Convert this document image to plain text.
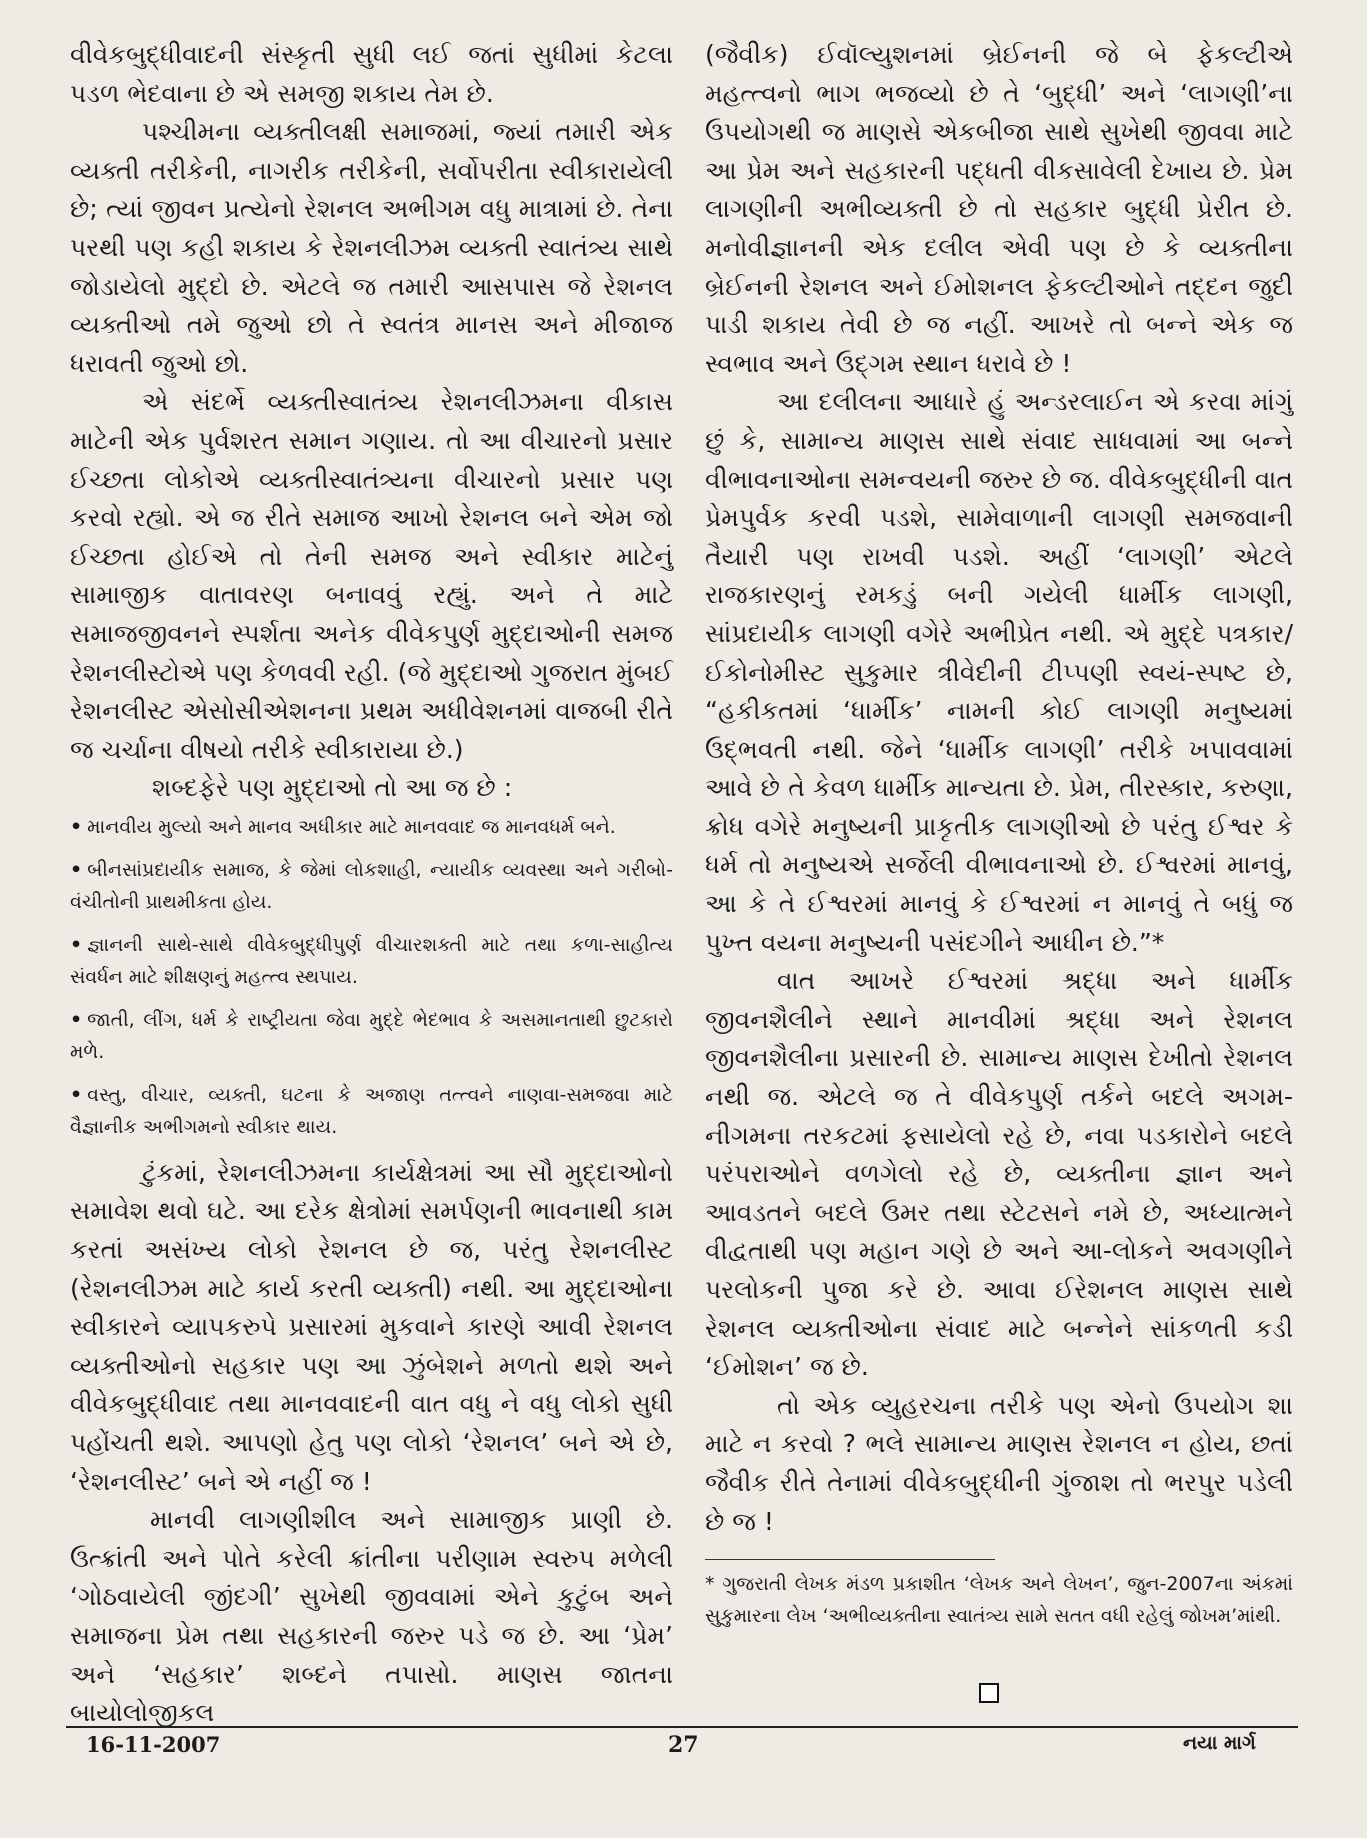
વીવેકબુદ્ધીવાદની સંસ્કૃતી સુધી લઈ જતાં સુધીમાં કેટલા પડળ ભેદવાના છે એ સમજી શકાય તેમ છે.

પશ્ચીમના વ્યક્તીલક્ષી સમાજમાં, જ્યાં તમારી એક વ્યક્તી તરીકેની, નાગરીક તરીકેની, સર્વોપરીતા સ્વીકારાયેલી છે; ત્યાં જીવન પ્રત્યેનો રેશનલ અભીગમ વધુ માત્રામાં છે. તેના પરથી પણ કહી શકાય કે રેશનલીઝમ વ્યક્તી સ્વાતંત્ર્ય સાથે જોડાયેલો મુદ્દો છે. એટલે જ તમારી આસપાસ જે રેશનલ વ્યક્તીઓ તમે જુઓ છો તે સ્વતંત્ર માનસ અને મીજાજ ધરાવતી જુઓ છો.

એ સંદર્ભે વ્યક્તીસ્વાતંત્ર્ય રેશનલીઝમના વીકાસ માટેની એક પુર્વશરત સમાન ગણાય. તો આ વીચારનો પ્રસાર ઈચ્છતા લોકોએ વ્યક્તીસ્વાતંત્ર્યના વીચારનો પ્રસાર પણ કરવો રહ્યો. એ જ રીતે સમાજ આખો રેશનલ બને એમ જો ઈચ્છતા હોઈએ તો તેની સમજ અને સ્વીકાર માટેનું સામાજીક વાતાવરણ બનાવવું રહ્યું. અને તે માટે સમાજજીવનને સ્પર્શતા અનેક વીવેકપુર્ણ મુદ્દાઓની સમજ રેશનલીસ્ટોએ પણ કેળવવી રહી. (જે મુદ્દાઓ ગુજરાત મુંબઈ રેશનલીસ્ટ એસોસીએશનના પ્રથમ અધીવેશનમાં વાજબી રીતે જ ચર્ચાના વીષયો તરીકે સ્વીકારાયા છે.)

શબ્દફેરે પણ મુદ્દાઓ તો આ જ છે :

• માનવીય મુલ્યો અને માનવ અધીકાર માટે માનવવાદ જ માનવધર્મ બને.
• બીનસાંપ્રદાયીક સમાજ, કે જેમાં લોકશાહી, ન્યાયીક વ્યવસ્થા અને ગરીબો-વંચીતોની પ્રાથમીકતા હોય.
• જ્ઞાનની સાથે-સાથે વીવેકબુદ્ધીપુર્ણ વીચારશક્તી માટે તથા કળા-સાહીત્ય સંવર્ધન માટે શીક્ષણનું મહત્ત્વ સ્થપાય.
• જાતી, લીંગ, ધર્મ કે રાષ્ટ્રીયતા જેવા મુદ્દે ભેદભાવ કે અસમાનતાથી છુટકારો મળે.
• વસ્તુ, વીચાર, વ્યક્તી, ઘટના કે અજાણ તત્ત્વને નાણવા-સમજવા માટે વૈજ્ઞાનીક અભીગમનો સ્વીકાર થાય.

ટુંકમાં, રેશનલીઝમના કાર્યક્ષેત્રમાં આ સૌ મુદ્દાઓનો સમાવેશ થવો ઘટે. આ દરેક ક્ષેત્રોમાં સમર્પણની ભાવનાથી કામ કરતાં અસંખ્ય લોકો રેશનલ છે જ, પરંતુ રેશનલીસ્ટ (રેશનલીઝમ માટે કાર્ય કરતી વ્યક્તી) નથી. આ મુદ્દાઓના સ્વીકારને વ્યાપકરુપે પ્રસારમાં મુકવાને કારણે આવી રેશનલ વ્યક્તીઓનો સહકાર પણ આ ઝુંબેશને મળતો થશે અને વીવેકબુદ્ધીવાદ તથા માનવવાદની વાત વધુ ને વધુ લોકો સુધી પહોંચતી થશે. આપણો હેતુ પણ લોકો ‘રેશનલ’ બને એ છે, ‘રેશનલીસ્ટ’ બને એ નહીં જ !

માનવી લાગણીશીલ અને સામાજીક પ્રાણી છે. ઉત્ક્રાંતી અને પોતે કરેલી ક્રાંતીના પરીણામ સ્વરુપ મળેલી ‘ગોઠવાયેલી જીંદગી’ સુખેથી જીવવામાં એને કુટુંબ અને સમાજના પ્રેમ તથા સહકારની જરુર પડે જ છે. આ ‘પ્રેમ’ અને ‘સહકાર’ શબ્દને તપાસો. માણસ જાતના બાયોલોજીકલ

(જૈવીક) ઈવૉલ્યુશનમાં બ્રેઈનની જે બે ફેકલ્ટીએ મહત્ત્વનો ભાગ ભજવ્યો છે તે ‘બુદ્ધી’ અને ‘લાગણી’ના ઉપયોગથી જ માણસે એકબીજા સાથે સુખેથી જીવવા માટે આ પ્રેમ અને સહકારની પદ્ધતી વીકસાવેલી દેખાય છે. પ્રેમ લાગણીની અભીવ્યક્તી છે તો સહકાર બુદ્ધી પ્રેરીત છે. મનોવીજ્ઞાનની એક દલીલ એવી પણ છે કે વ્યક્તીના બ્રેઈનની રેશનલ અને ઈમોશનલ ફેકલ્ટીઓને તદ્દન જુદી પાડી શકાય તેવી છે જ નહીં. આખરે તો બન્ને એક જ સ્વભાવ અને ઉદ્ગમ સ્થાન ધરાવે છે !

આ દલીલના આધારે હું અન્ડરલાઈન એ કરવા માંગું છું કે, સામાન્ય માણસ સાથે સંવાદ સાધવામાં આ બન્ને વીભાવનાઓના સમન્વયની જરુર છે જ. વીવેકબુદ્ધીની વાત પ્રેમપુર્વક કરવી પડશે, સામેવાળાની લાગણી સમજવાની તૈયારી પણ રાખવી પડશે. અહીં ‘લાગણી’ એટલે રાજકારણનું રમકડું બની ગયેલી ધાર્મીક લાગણી, સાંપ્રદાયીક લાગણી વગેરે અભીપ્રેત નથી. એ મુદ્દે પત્રકાર/ઈકોનોમીસ્ટ સુકુમાર ત્રીવેદીની ટીપ્પણી સ્વયં-સ્પષ્ટ છે, “હકીકતમાં ‘ધાર્મીક’ નામની કોઈ લાગણી મનુષ્યમાં ઉદ્ભવતી નથી. જેને ‘ધાર્મીક લાગણી’ તરીકે ખપાવવામાં આવે છે તે કેવળ ધાર્મીક માન્યતા છે. પ્રેમ, તીરસ્કાર, કરુણા, ક્રોધ વગેરે મનુષ્યની પ્રાકૃતીક લાગણીઓ છે પરંતુ ઈશ્વર કે ધર્મ તો મનુષ્યએ સર્જેલી વીભાવનાઓ છે. ઈશ્વરમાં માનવું, આ કે તે ઈશ્વરમાં માનવું કે ઈશ્વરમાં ન માનવું તે બધું જ પુખ્ત વયના મનુષ્યની પસંદગીને આધીન છે.”*

વાત આખરે ઈશ્વરમાં શ્રદ્ધા અને ધાર્મીક જીવનશૈલીને સ્થાને માનવીમાં શ્રદ્ધા અને રેશનલ જીવનશૈલીના પ્રસારની છે. સામાન્ય માણસ દેખીતો રેશનલ નથી જ. એટલે જ તે વીવેકપુર્ણ તર્કને બદલે અગમ-નીગમના તરકટમાં ફસાયેલો રહે છે, નવા પડકારોને બદલે પરંપરાઓને વળગેલો રહે છે, વ્યક્તીના જ્ઞાન અને આવડતને બદલે ઉમર તથા સ્ટેટસને નમે છે, અધ્યાત્મને વીદ્વતાથી પણ મહાન ગણે છે અને આ-લોકને અવગણીને પરલોકની પુજા કરે છે. આવા ઈરેશનલ માણસ સાથે રેશનલ વ્યક્તીઓના સંવાદ માટે બન્નેને સાંકળતી કડી ‘ઈમોશન’ જ છે.

તો એક વ્યુહરચના તરીકે પણ એનો ઉપયોગ શા માટે ન કરવો ? ભલે સામાન્ય માણસ રેશનલ ન હોય, છતાં જૈવીક રીતે તેનામાં વીવેકબુદ્ધીની ગુંજાશ તો ભરપુર પડેલી છે જ !

* ગુજરાતી લેખક મંડળ પ્રકાશીત ‘લેખક અને લેખન’, જુન-2007ના અંકમાં સુકુમારના લેખ ‘અભીવ્યક્તીના સ્વાતંત્ર્ય સામે સતત વધી રહેલું જોખમ’માંથી.
16-11-2007	27	નયા માર્ગ
